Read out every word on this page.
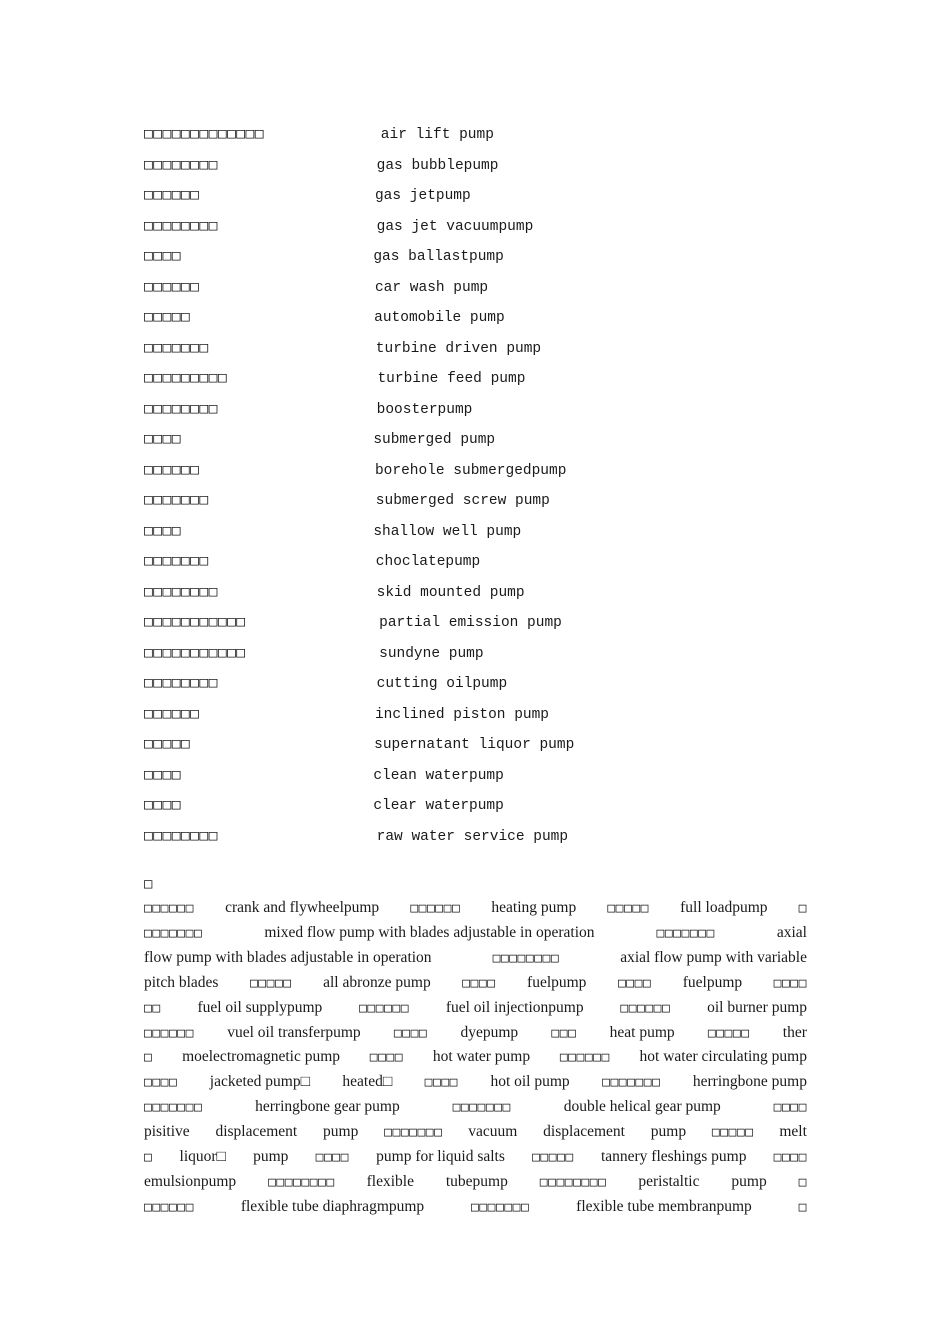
□□□□□□□□□□□□□	air lift pump
□□□□□□□□	gas bubblepump
□□□□□□	gas jetpump
□□□□□□□□	gas jet vacuumpump
□□□□	gas ballastpump
□□□□□□	car wash pump
□□□□□	automobile pump
□□□□□□□	turbine driven pump
□□□□□□□□□	turbine feed pump
□□□□□□□□	boosterpump
□□□□	submerged pump
□□□□□□	borehole submergedpump
□□□□□□□	submerged screw pump
□□□□	shallow well pump
□□□□□□□	choclatepump
□□□□□□□□	skid mounted pump
□□□□□□□□□□□	partial emission pump
□□□□□□□□□□□	sundyne pump
□□□□□□□□	cutting oilpump
□□□□□□	inclined piston pump
□□□□□	supernatant liquor pump
□□□□	clean waterpump
□□□□	clear waterpump
□□□□□□□□	raw water service pump
□
□□□□□□ crank and flywheelpump □□□□□□ heating pump □□□□□ full loadpump □
□□□□□□□	mixed flow pump with blades adjustable in operation	□□□□□□□	axial
flow pump with blades adjustable in operation	□□□□□□□□	axial flow pump with variable
pitch blades □□□□□ all abronze pump □□□□ fuelpump □□□□ fuelpump □□□□
□□ fuel oil supplypump	□□□□□□ fuel oil injectionpump	□□□□□□ oil burner pump
□□□□□□ vuel oil transferpump	□□□□ dyepump	□□□ heat pump	□□□□□ ther
□ moelectromagnetic pump □□□□ hot water pump □□□□□□ hot water circulating pump
□□□□ jacketed pump□ heated□ □□□□ hot oil pump □□□□□□□ herringbone pump
□□□□□□□	herringbone gear pump	□□□□□□□	double helical gear pump	□□□□
pisitive displacement pump □□□□□□□ vacuum displacement pump □□□□□ melt
□ liquor□ pump □□□□ pump for liquid salts □□□□□ tannery fleshings pump □□□□
emulsionpump □□□□□□□□ flexible tubepump □□□□□□□□ peristaltic pump □
□□□□□□	flexible tube diaphragmpump	□□□□□□□	flexible tube membranpump	□
